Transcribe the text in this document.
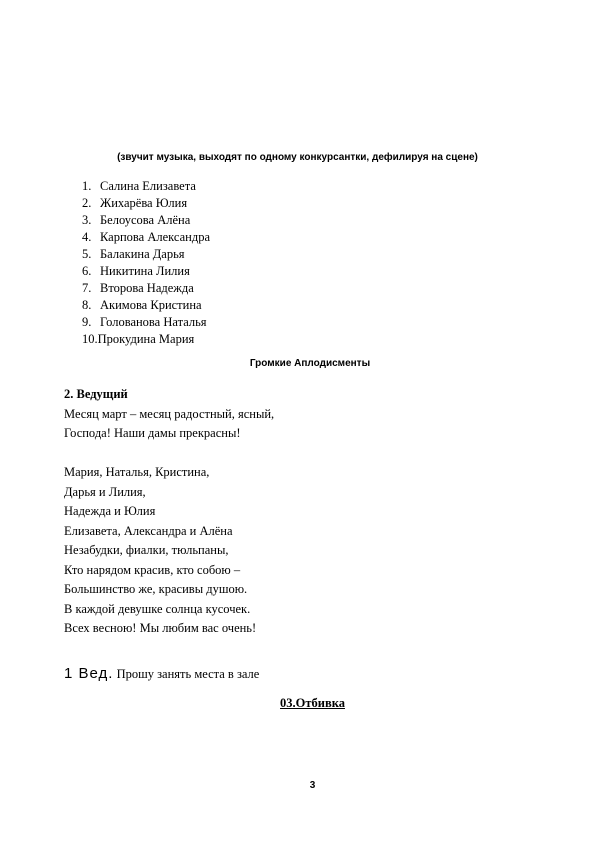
(звучит музыка, выходят по одному конкурсантки, дефилируя на сцене)
1. Салина Елизавета
2. Жихарёва Юлия
3. Белоусова Алёна
4. Карпова Александра
5. Балакина Дарья
6. Никитина Лилия
7. Второва Надежда
8. Акимова Кристина
9. Голованова Наталья
10. Прокудина Мария
Громкие Аплодисменты
2. Ведущий
Месяц март – месяц радостный, ясный,
Господа! Наши дамы прекрасны!
Мария, Наталья, Кристина,
Дарья и Лилия,
Надежда и Юлия
Елизавета, Александра и Алёна
Незабудки, фиалки, тюльпаны,
Кто нарядом красив, кто собою –
Большинство же, красивы душою.
В каждой девушке солнца кусочек.
Всех весною! Мы любим вас очень!
1 Вед. Прошу занять места в зале
03.Отбивка
3
